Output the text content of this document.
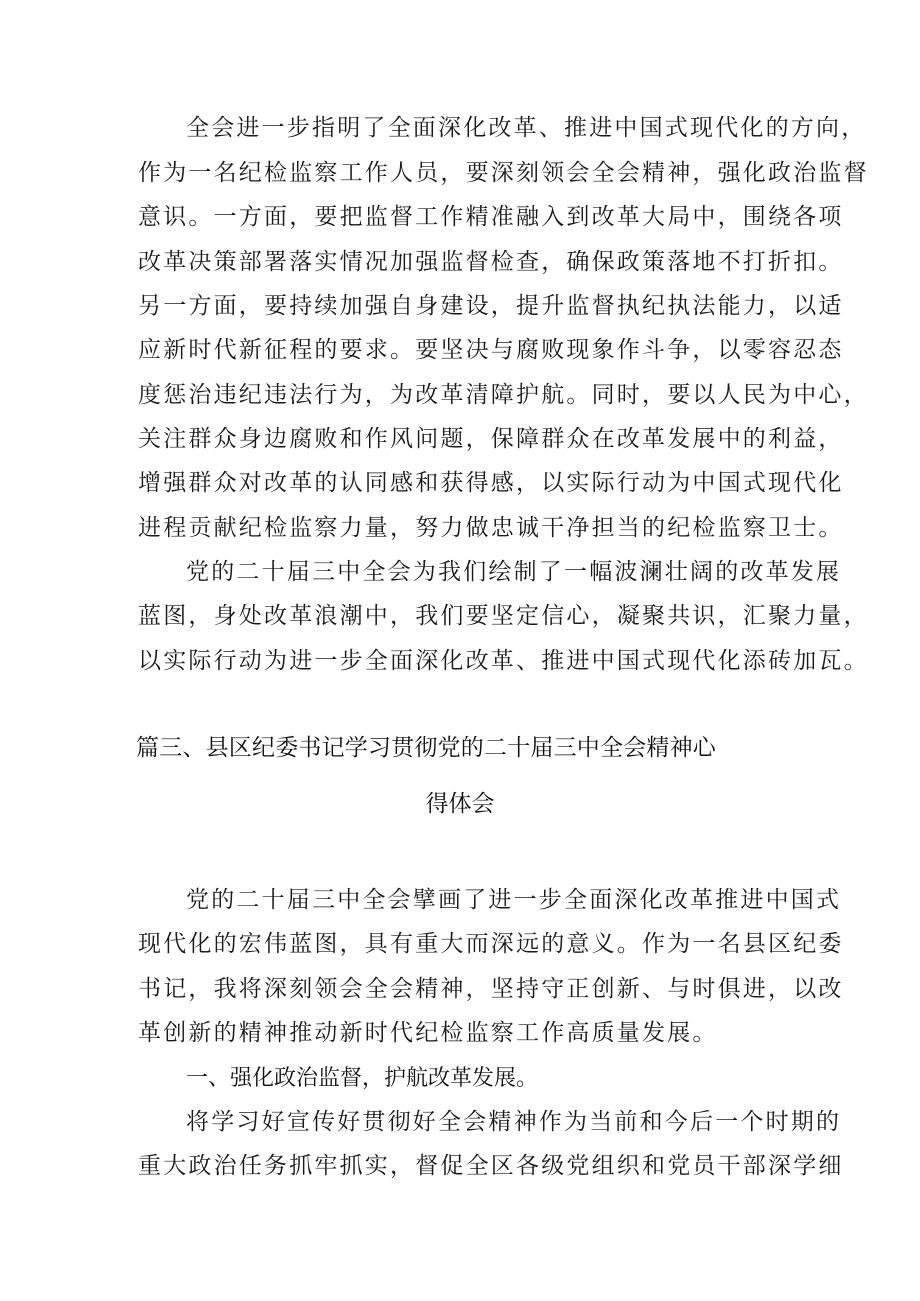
全会进一步指明了全面深化改革、推进中国式现代化的方向，
作为一名纪检监察工作人员，要深刻领会全会精神，强化政治监督
意识。一方面，要把监督工作精准融入到改革大局中，围绕各项
改革决策部署落实情况加强监督检查，确保政策落地不打折扣。
另一方面，要持续加强自身建设，提升监督执纪执法能力，以适
应新时代新征程的要求。要坚决与腐败现象作斗争，以零容忍态
度惩治违纪违法行为，为改革清障护航。同时，要以人民为中心，
关注群众身边腐败和作风问题，保障群众在改革发展中的利益，
增强群众对改革的认同感和获得感，以实际行动为中国式现代化
进程贡献纪检监察力量，努力做忠诚干净担当的纪检监察卫士。
党的二十届三中全会为我们绘制了一幅波澜壮阔的改革发展
蓝图，身处改革浪潮中，我们要坚定信心，凝聚共识，汇聚力量，
以实际行动为进一步全面深化改革、推进中国式现代化添砖加瓦。
篇三、县区纪委书记学习贯彻党的二十届三中全会精神心
得体会
党的二十届三中全会擘画了进一步全面深化改革推进中国式
现代化的宏伟蓝图，具有重大而深远的意义。作为一名县区纪委
书记，我将深刻领会全会精神，坚持守正创新、与时俱进，以改
革创新的精神推动新时代纪检监察工作高质量发展。
一、强化政治监督，护航改革发展。
将学习好宣传好贯彻好全会精神作为当前和今后一个时期的
重大政治任务抓牢抓实，督促全区各级党组织和党员干部深学细
